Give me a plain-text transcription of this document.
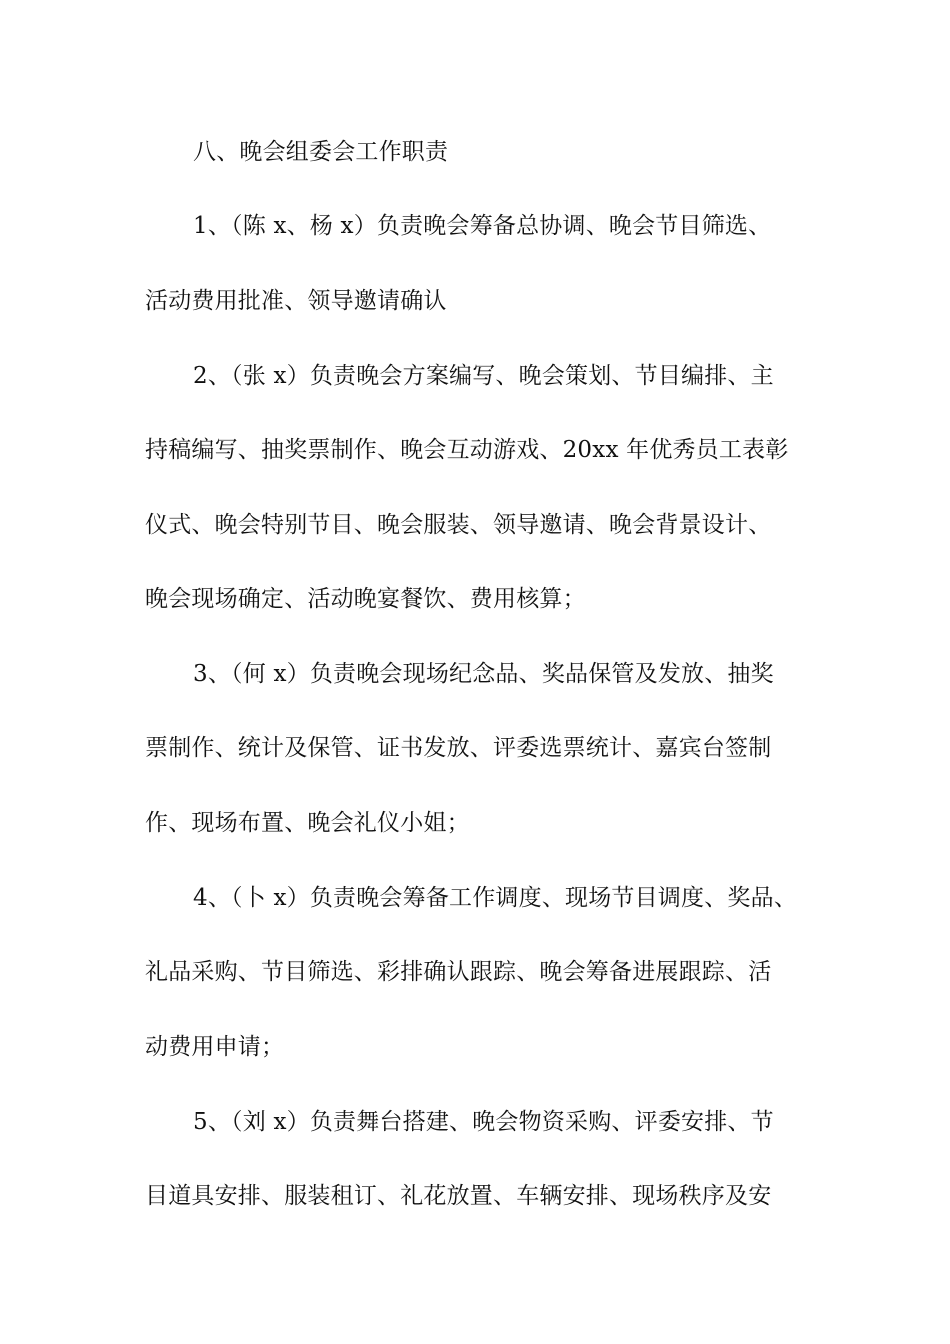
八、晚会组委会工作职责
1、（陈 x、杨 x）负责晚会筹备总协调、晚会节目筛选、
活动费用批准、领导邀请确认
2、（张 x）负责晚会方案编写、晚会策划、节目编排、主
持稿编写、抽奖票制作、晚会互动游戏、20xx 年优秀员工表彰
仪式、晚会特别节目、晚会服装、领导邀请、晚会背景设计、
晚会现场确定、活动晚宴餐饮、费用核算；
3、（何 x）负责晚会现场纪念品、奖品保管及发放、抽奖
票制作、统计及保管、证书发放、评委选票统计、嘉宾台签制
作、现场布置、晚会礼仪小姐；
4、（卜 x）负责晚会筹备工作调度、现场节目调度、奖品、
礼品采购、节目筛选、彩排确认跟踪、晚会筹备进展跟踪、活
动费用申请；
5、（刘 x）负责舞台搭建、晚会物资采购、评委安排、节
目道具安排、服装租订、礼花放置、车辆安排、现场秩序及安
